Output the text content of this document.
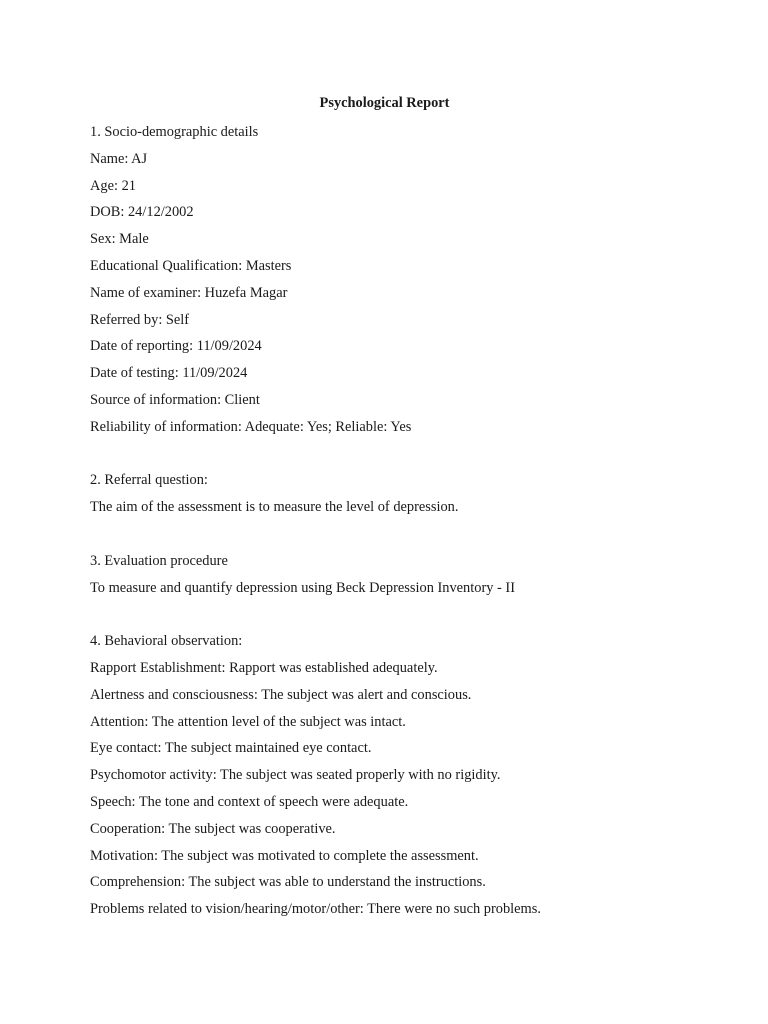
Psychological Report
1. Socio-demographic details
Name: AJ
Age: 21
DOB: 24/12/2002
Sex: Male
Educational Qualification: Masters
Name of examiner: Huzefa Magar
Referred by: Self
Date of reporting: 11/09/2024
Date of testing: 11/09/2024
Source of information: Client
Reliability of information: Adequate: Yes; Reliable: Yes
2. Referral question:
The aim of the assessment is to measure the level of depression.
3. Evaluation procedure
To measure and quantify depression using Beck Depression Inventory - II
4. Behavioral observation:
Rapport Establishment: Rapport was established adequately.
Alertness and consciousness: The subject was alert and conscious.
Attention: The attention level of the subject was intact.
Eye contact: The subject maintained eye contact.
Psychomotor activity: The subject was seated properly with no rigidity.
Speech: The tone and context of speech were adequate.
Cooperation: The subject was cooperative.
Motivation: The subject was motivated to complete the assessment.
Comprehension: The subject was able to understand the instructions.
Problems related to vision/hearing/motor/other: There were no such problems.
